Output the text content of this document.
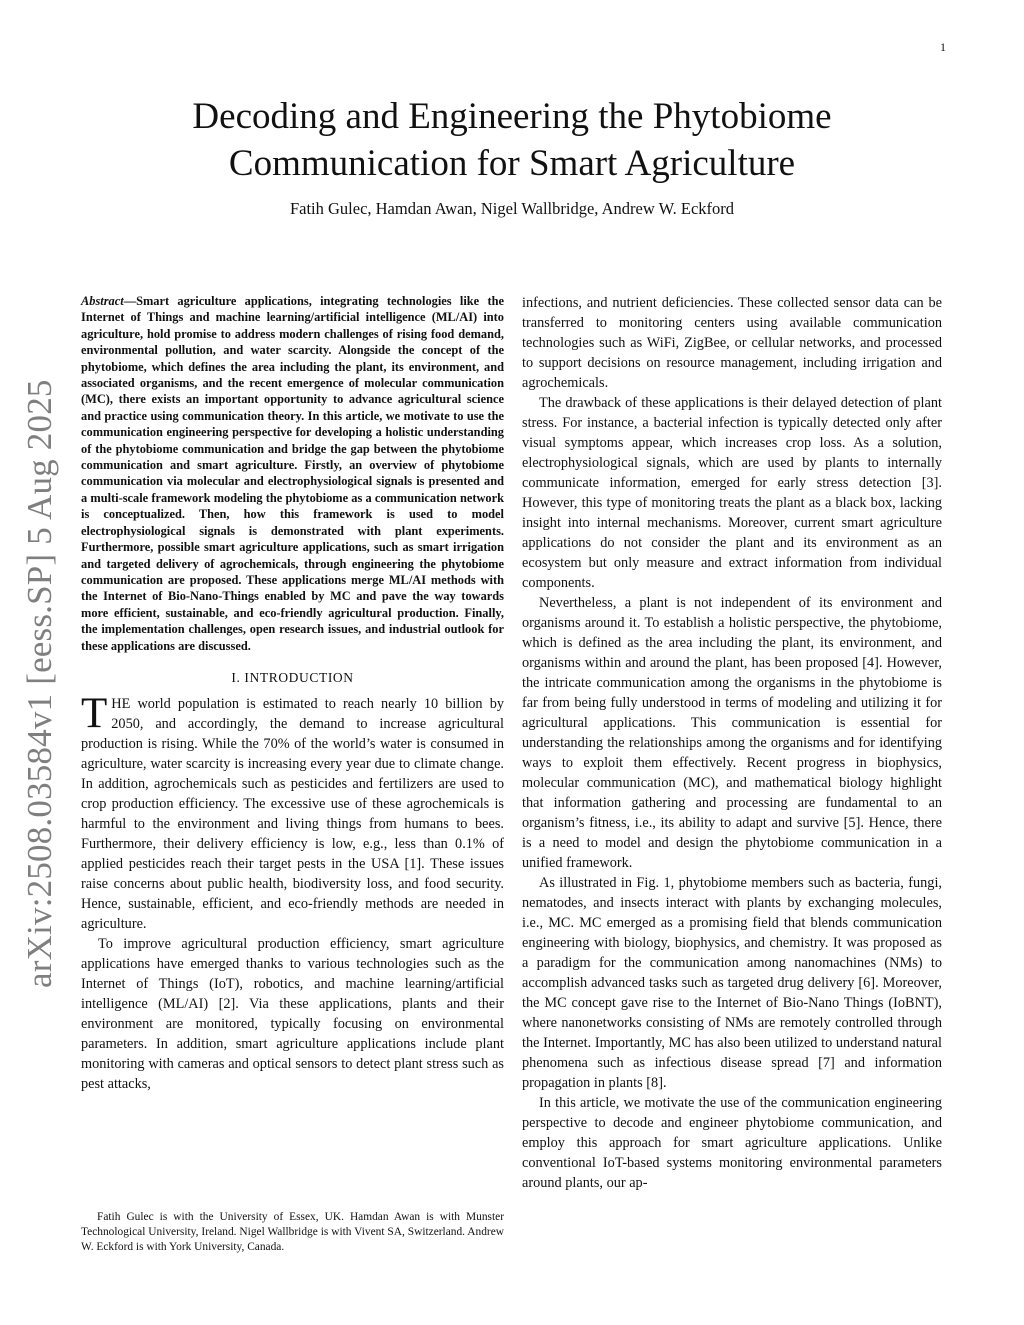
1
arXiv:2508.03584v1 [eess.SP] 5 Aug 2025
Decoding and Engineering the Phytobiome
Communication for Smart Agriculture
Fatih Gulec, Hamdan Awan, Nigel Wallbridge, Andrew W. Eckford

Abstract—Smart agriculture applications, integrating technologies like the Internet of Things and machine learning/artificial intelligence (ML/AI) into agriculture, hold promise to address modern challenges of rising food demand, environmental pollution, and water scarcity. Alongside the concept of the phytobiome, which defines the area including the plant, its environment, and associated organisms, and the recent emergence of molecular communication (MC), there exists an important opportunity to advance agricultural science and practice using communication theory. In this article, we motivate to use the communication engineering perspective for developing a holistic understanding of the phytobiome communication and bridge the gap between the phytobiome communication and smart agriculture. Firstly, an overview of phytobiome communication via molecular and electrophysiological signals is presented and a multi-scale framework modeling the phytobiome as a communication network is conceptualized. Then, how this framework is used to model electrophysiological signals is demonstrated with plant experiments. Furthermore, possible smart agriculture applications, such as smart irrigation and targeted delivery of agrochemicals, through engineering the phytobiome communication are proposed. These applications merge ML/AI methods with the Internet of Bio-Nano-Things enabled by MC and pave the way towards more efficient, sustainable, and eco-friendly agricultural production. Finally, the implementation challenges, open research issues, and industrial outlook for these applications are discussed.

I. INTRODUCTION

THE world population is estimated to reach nearly 10 billion by 2050, and accordingly, the demand to increase agricultural production is rising. While the 70% of the world’s water is consumed in agriculture, water scarcity is increasing every year due to climate change. In addition, agrochemicals such as pesticides and fertilizers are used to crop production efficiency. The excessive use of these agrochemicals is harmful to the environment and living things from humans to bees. Furthermore, their delivery efficiency is low, e.g., less than 0.1% of applied pesticides reach their target pests in the USA [1]. These issues raise concerns about public health, biodiversity loss, and food security. Hence, sustainable, efficient, and eco-friendly methods are needed in agriculture.

To improve agricultural production efficiency, smart agriculture applications have emerged thanks to various technologies such as the Internet of Things (IoT), robotics, and machine learning/artificial intelligence (ML/AI) [2]. Via these applications, plants and their environment are monitored, typically focusing on environmental parameters. In addition, smart agriculture applications include plant monitoring with cameras and optical sensors to detect plant stress such as pest attacks,

infections, and nutrient deficiencies. These collected sensor data can be transferred to monitoring centers using available communication technologies such as WiFi, ZigBee, or cellular networks, and processed to support decisions on resource management, including irrigation and agrochemicals.

The drawback of these applications is their delayed detection of plant stress. For instance, a bacterial infection is typically detected only after visual symptoms appear, which increases crop loss. As a solution, electrophysiological signals, which are used by plants to internally communicate information, emerged for early stress detection [3]. However, this type of monitoring treats the plant as a black box, lacking insight into internal mechanisms. Moreover, current smart agriculture applications do not consider the plant and its environment as an ecosystem but only measure and extract information from individual components.

Nevertheless, a plant is not independent of its environment and organisms around it. To establish a holistic perspective, the phytobiome, which is defined as the area including the plant, its environment, and organisms within and around the plant, has been proposed [4]. However, the intricate communication among the organisms in the phytobiome is far from being fully understood in terms of modeling and utilizing it for agricultural applications. This communication is essential for understanding the relationships among the organisms and for identifying ways to exploit them effectively. Recent progress in biophysics, molecular communication (MC), and mathematical biology highlight that information gathering and processing are fundamental to an organism’s fitness, i.e., its ability to adapt and survive [5]. Hence, there is a need to model and design the phytobiome communication in a unified framework.

As illustrated in Fig. 1, phytobiome members such as bacteria, fungi, nematodes, and insects interact with plants by exchanging molecules, i.e., MC. MC emerged as a promising field that blends communication engineering with biology, biophysics, and chemistry. It was proposed as a paradigm for the communication among nanomachines (NMs) to accomplish advanced tasks such as targeted drug delivery [6]. Moreover, the MC concept gave rise to the Internet of Bio-Nano Things (IoBNT), where nanonetworks consisting of NMs are remotely controlled through the Internet. Importantly, MC has also been utilized to understand natural phenomena such as infectious disease spread [7] and information propagation in plants [8].

In this article, we motivate the use of the communication engineering perspective to decode and engineer phytobiome communication, and employ this approach for smart agriculture applications. Unlike conventional IoT-based systems monitoring environmental parameters around plants, our ap-

Fatih Gulec is with the University of Essex, UK. Hamdan Awan is with Munster Technological University, Ireland. Nigel Wallbridge is with Vivent SA, Switzerland. Andrew W. Eckford is with York University, Canada.
